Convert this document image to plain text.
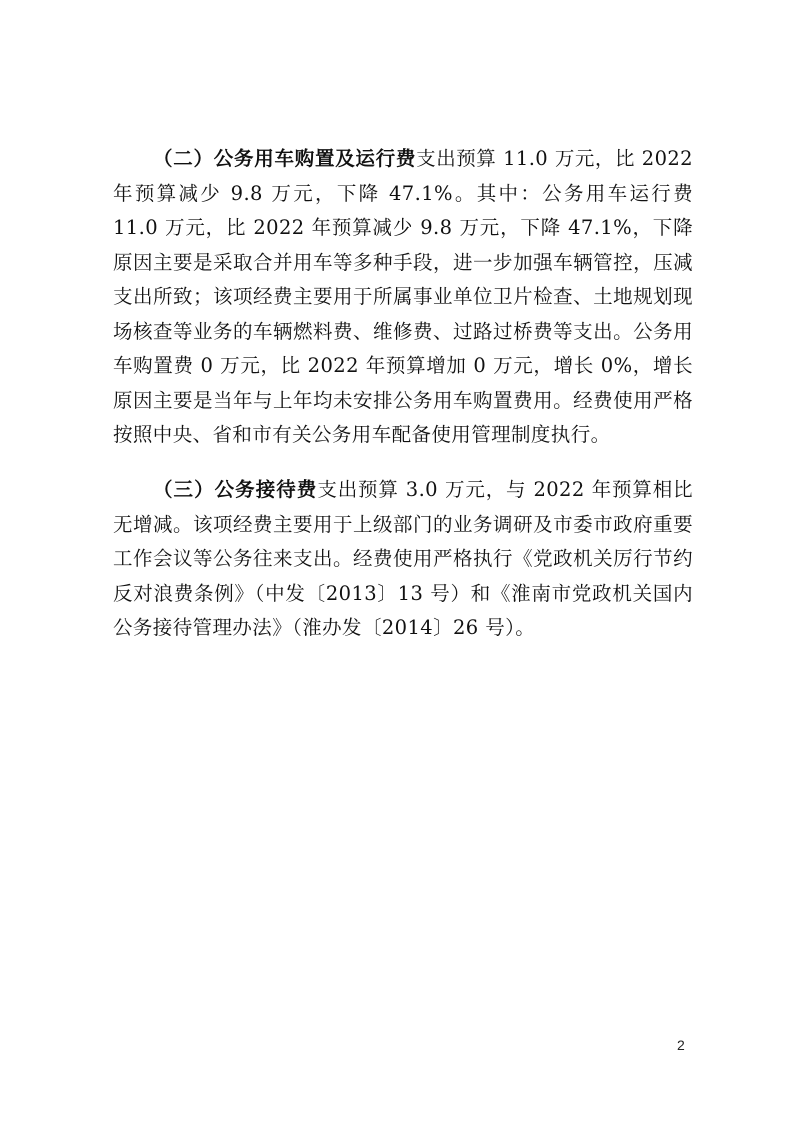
（二）公务用车购置及运行费支出预算 11.0 万元，比 2022 年预算减少 9.8 万元，下降 47.1%。其中：公务用车运行费 11.0 万元，比 2022 年预算减少 9.8 万元，下降 47.1%，下降原因主要是采取合并用车等多种手段，进一步加强车辆管控，压减支出所致；该项经费主要用于所属事业单位卫片检查、土地规划现场核查等业务的车辆燃料费、维修费、过路过桥费等支出。公务用车购置费 0 万元，比 2022 年预算增加 0 万元，增长 0%，增长原因主要是当年与上年均未安排公务用车购置费用。经费使用严格按照中央、省和市有关公务用车配备使用管理制度执行。

（三）公务接待费支出预算 3.0 万元，与 2022 年预算相比无增减。该项经费主要用于上级部门的业务调研及市委市政府重要工作会议等公务往来支出。经费使用严格执行《党政机关厉行节约反对浪费条例》（中发〔2013〕13 号）和《淮南市党政机关国内公务接待管理办法》（淮办发〔2014〕26 号）。

2
